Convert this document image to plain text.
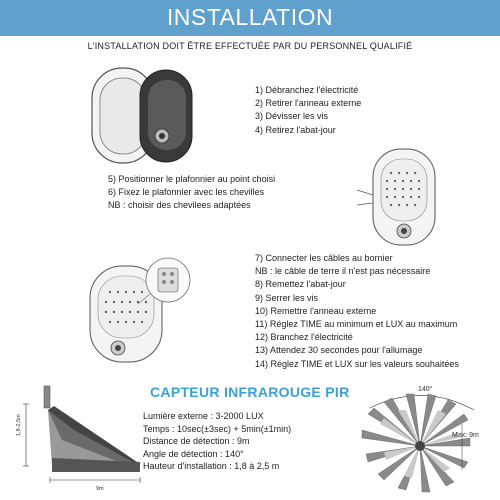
INSTALLATION
L'INSTALLATION DOIT ÊTRE EFFECTUÉE PAR DU PERSONNEL QUALIFIÉ
1) Débranchez l'électricité
2) Retirer l'anneau externe
3) Dévisser les vis
4) Retirez l'abat-jour
5) Positionner le plafonnier au point choisi
6) Fixez le plafonnier avec les chevilles
NB : choisir des chevilees adaptées
7) Connecter les câbles au bornier
NB : le câble de terre il n'est pas nécessaire
8) Remettez l'abat-jour
9) Serrer les vis
10) Remettre l'anneau externe
11) Réglez TIME au minimum et LUX au maximum
12) Branchez l'électricité
13) Attendez 30 secondes pour l'allumage
14) Réglez TIME et LUX sur les valeurs souhaitées
CAPTEUR INFRAROUGE PIR
1,8-2,5m
9m
Lumière externe : 3-2000 LUX
Temps : 10sec(±3sec) + 5min(±1min)
Distance de détection : 9m
Angle de détection : 140°
Hauteur d'installation : 1,8 à 2,5 m
140°
Max: 9m
